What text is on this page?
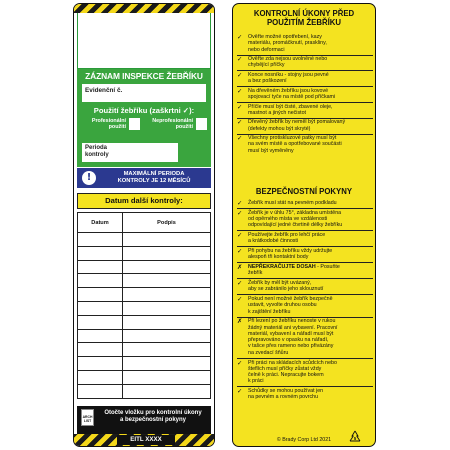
ZÁZNAM INSPEKCE ŽEBŘÍKU
Evidenční č.
Použití žebříku (zaškrtni ✓):
Profesionální
použití
Neprofesionální
použití
Perioda
kontroly
!	MAXIMÁLNÍ PERIODA
KONTROLY JE 12 MĚSÍCŮ
Datum další kontroly:
Datum	Podpis

ARCH
LIST
Otočte vložku pro kontrolní úkony
a bezpečnostní pokyny
EITL XXXX
KONTROLNÍ ÚKONY PŘED
POUŽITÍM ŽEBŘÍKU
✓ Ověřte možné opotřebení, kazy
materiálu, promáčknutí, praskliny,
nebo deformaci
✓ Ověřte zda nejsou uvolněné nebo
chybějící příčky
✓ Konce nosníku - stojny jsou pevné
a bez poškození
✓ Na dřevěném žebříku jsou kovové
spojovací tyče na místě pod příčkami
✓ Příčle musí být čisté, zbavené oleje,
mastnot a jiných nečistot
✓ Dřevěný žebřík by neměl být pomalovaný
(defekty mohou být skryté)
✓ Všechny protiskluzové patky musí být
na svém místě a opotřebované součásti
musí být vyměněny
BEZPEČNOSTNÍ POKYNY
✓ Žebřík musí stát na pevném podkladu
✓ Žebřík je v úhlu 75°, základna umístěna
od opěrného místa ve vzdálenosti
odpovídající jedné čtvrtině délky žebříku
✓ Používejte žebřík pro lehčí práce
a krátkodobé činnosti
✓ Při pohybu na žebříku vždy udržujte
alespoň tři kontaktní body
✗ NEPŘEKRAČUJTE DOSAH - Posuňte
žebřík
✓ Žebřík by měl být uvázaný,
aby se zabránilo jeho sklouznutí
✓ Pokud není možné žebřík bezpečně
ustavit, vyvolte druhou osobu
k zajištění žebříku
✗ Při lezení po žebříku nenoste v rukou
žádný materiál ani vybavení. Pracovní
materiál, vybavení a nářadí musí být
přepravováno v opasku na nářadí,
v tašce přes rameno nebo přivázány
na zvedací šňůru
✓ Při práci na skládacích scůdcích nebo
šteflích musí příčky zůstat vždy
čelně k práci. Nepracujte bokem
k práci
✓ Schůdky se mohou používat jen
na pevném a rovném povrchu
© Brady Corp Ltd 2021	5
